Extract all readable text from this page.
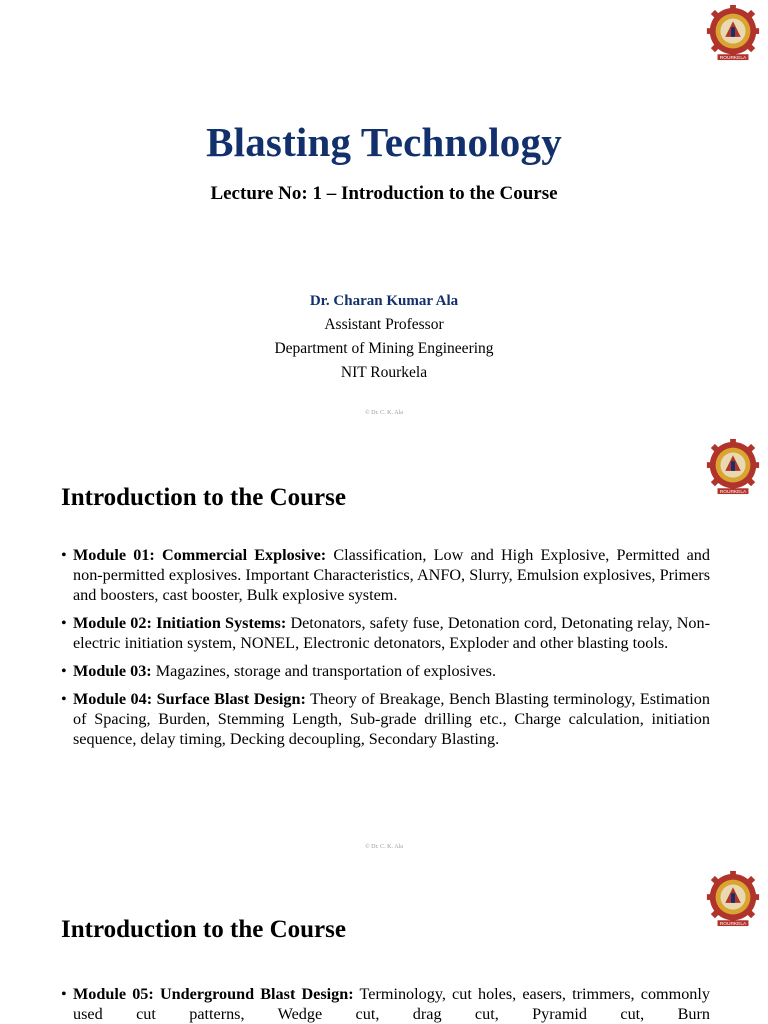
ROURKELA
Blasting Technology
Lecture No: 1 – Introduction to the Course
Dr. Charan Kumar Ala
Assistant Professor
Department of Mining Engineering
NIT Rourkela
© Dr. C. K. Ala
ROURKELA
Introduction to the Course
• Module 01: Commercial Explosive: Classification, Low and High Explosive, Permitted and non-permitted explosives. Important Characteristics, ANFO, Slurry, Emulsion explosives, Primers and boosters, cast booster, Bulk explosive system.
• Module 02: Initiation Systems: Detonators, safety fuse, Detonation cord, Detonating relay, Non-electric initiation system, NONEL, Electronic detonators, Exploder and other blasting tools.
• Module 03: Magazines, storage and transportation of explosives.
• Module 04: Surface Blast Design: Theory of Breakage, Bench Blasting terminology, Estimation of Spacing, Burden, Stemming Length, Sub-grade drilling etc., Charge calculation, initiation sequence, delay timing, Decking decoupling, Secondary Blasting.
© Dr. C. K. Ala
ROURKELA
Introduction to the Course
• Module 05: Underground Blast Design: Terminology, cut holes, easers, trimmers, commonly used cut patterns, Wedge cut, drag cut, Pyramid cut, Burn
